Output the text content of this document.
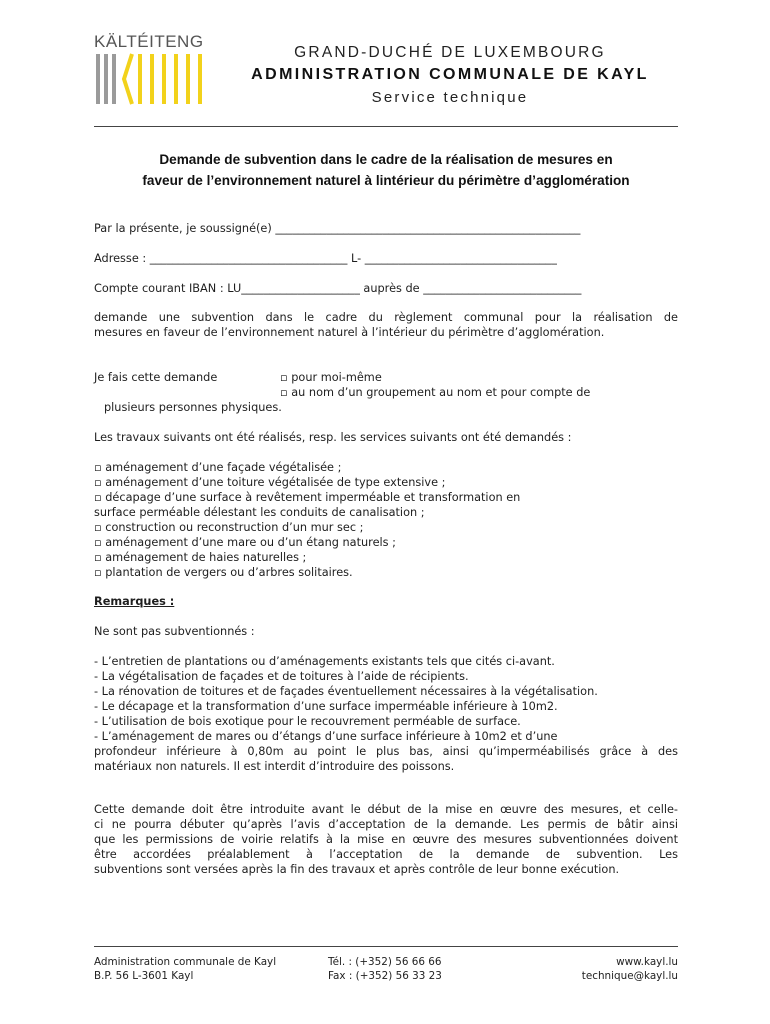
KÄLTÉITENG
GRAND-DUCHÉ DE LUXEMBOURG
ADMINISTRATION COMMUNALE DE KAYL
Service technique
Demande de subvention dans le cadre de la réalisation de mesures en
faveur de l’environnement naturel à lintérieur du périmètre d’agglomération
Par la présente, je soussigné(e) ______________________________________________________
Adresse : ___________________________________ L- __________________________________
Compte courant IBAN : LU_____________________ auprès de ____________________________
demande une subvention dans le cadre du règlement communal pour la réalisation de
mesures en faveur de l’environnement naturel à l’intérieur du périmètre d’agglomération.
Je fais cette demande	▫ pour moi-même
▫ au nom d’un groupement au nom et pour compte de
plusieurs personnes physiques.
Les travaux suivants ont été réalisés, resp. les services suivants ont été demandés :
▫ aménagement d’une façade végétalisée ;
▫ aménagement d’une toiture végétalisée de type extensive ;
▫ décapage d’une surface à revêtement imperméable et transformation en
surface perméable délestant les conduits de canalisation ;
▫ construction ou reconstruction d’un mur sec ;
▫ aménagement d’une mare ou d’un étang naturels ;
▫ aménagement de haies naturelles ;
▫ plantation de vergers ou d’arbres solitaires.
Remarques :
Ne sont pas subventionnés :
- L’entretien de plantations ou d’aménagements existants tels que cités ci-avant.
- La végétalisation de façades et de toitures à l’aide de récipients.
- La rénovation de toitures et de façades éventuellement nécessaires à la végétalisation.
- Le décapage et la transformation d’une surface imperméable inférieure à 10m2.
- L’utilisation de bois exotique pour le recouvrement perméable de surface.
- L’aménagement de mares ou d’étangs d’une surface inférieure à 10m2 et d’une
profondeur inférieure à 0,80m au point le plus bas, ainsi qu’imperméabilisés grâce à des
matériaux non naturels. Il est interdit d’introduire des poissons.
Cette demande doit être introduite avant le début de la mise en œuvre des mesures, et celle-
ci ne pourra débuter qu’après l’avis d’acceptation de la demande. Les permis de bâtir ainsi
que les permissions de voirie relatifs à la mise en œuvre des mesures subventionnées doivent
être accordées préalablement à l’acceptation de la demande de subvention. Les
subventions sont versées après la fin des travaux et après contrôle de leur bonne exécution.
Administration communale de Kayl
B.P. 56 L-3601 Kayl
Tél. : (+352) 56 66 66
Fax : (+352) 56 33 23
www.kayl.lu
technique@kayl.lu
